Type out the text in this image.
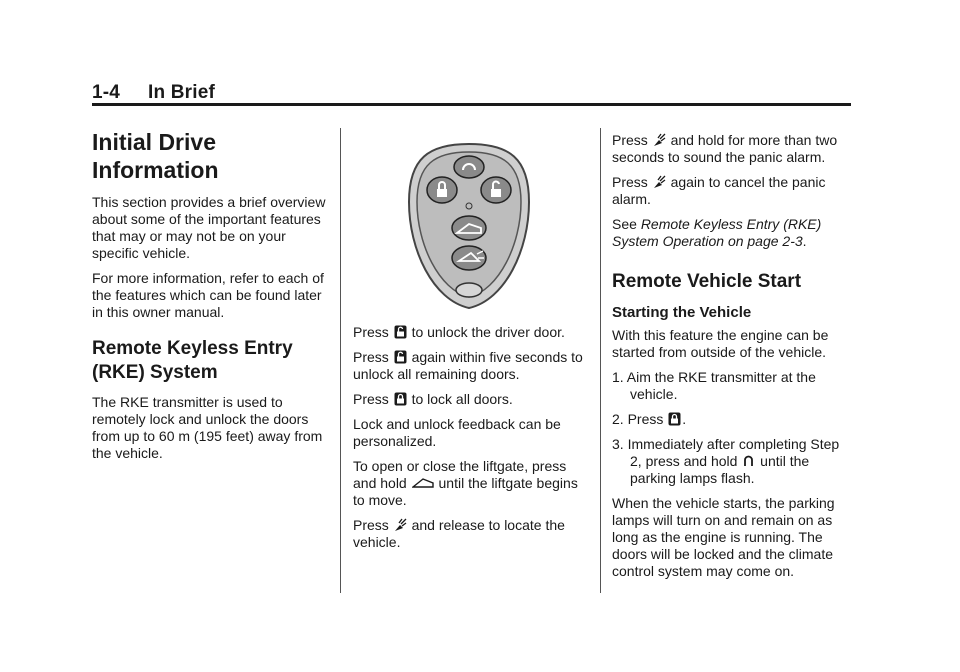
1-4 In Brief
Initial Drive Information

This section provides a brief overview about some of the important features that may or may not be on your specific vehicle.

For more information, refer to each of the features which can be found later in this owner manual.

Remote Keyless Entry (RKE) System

The RKE transmitter is used to remotely lock and unlock the doors from up to 60 m (195 feet) away from the vehicle.

Press
to unlock the driver door.

Press
again within five seconds to unlock all remaining doors.

Press
to lock all doors.

Lock and unlock feedback can be personalized.

To open or close the liftgate, press and hold
until the liftgate begins to move.

Press
and release to locate the vehicle.

Press
and hold for more than two seconds to sound the panic alarm.

Press
again to cancel the panic alarm.

See Remote Keyless Entry (RKE) System Operation on page 2-3.

Remote Vehicle Start
Starting the Vehicle

With this feature the engine can be started from outside of the vehicle.

1. Aim the RKE transmitter at the vehicle.
2. Press
.
3. Immediately after completing Step 2, press and hold
until the parking lamps flash.

When the vehicle starts, the parking lamps will turn on and remain on as long as the engine is running. The doors will be locked and the climate control system may come on.
